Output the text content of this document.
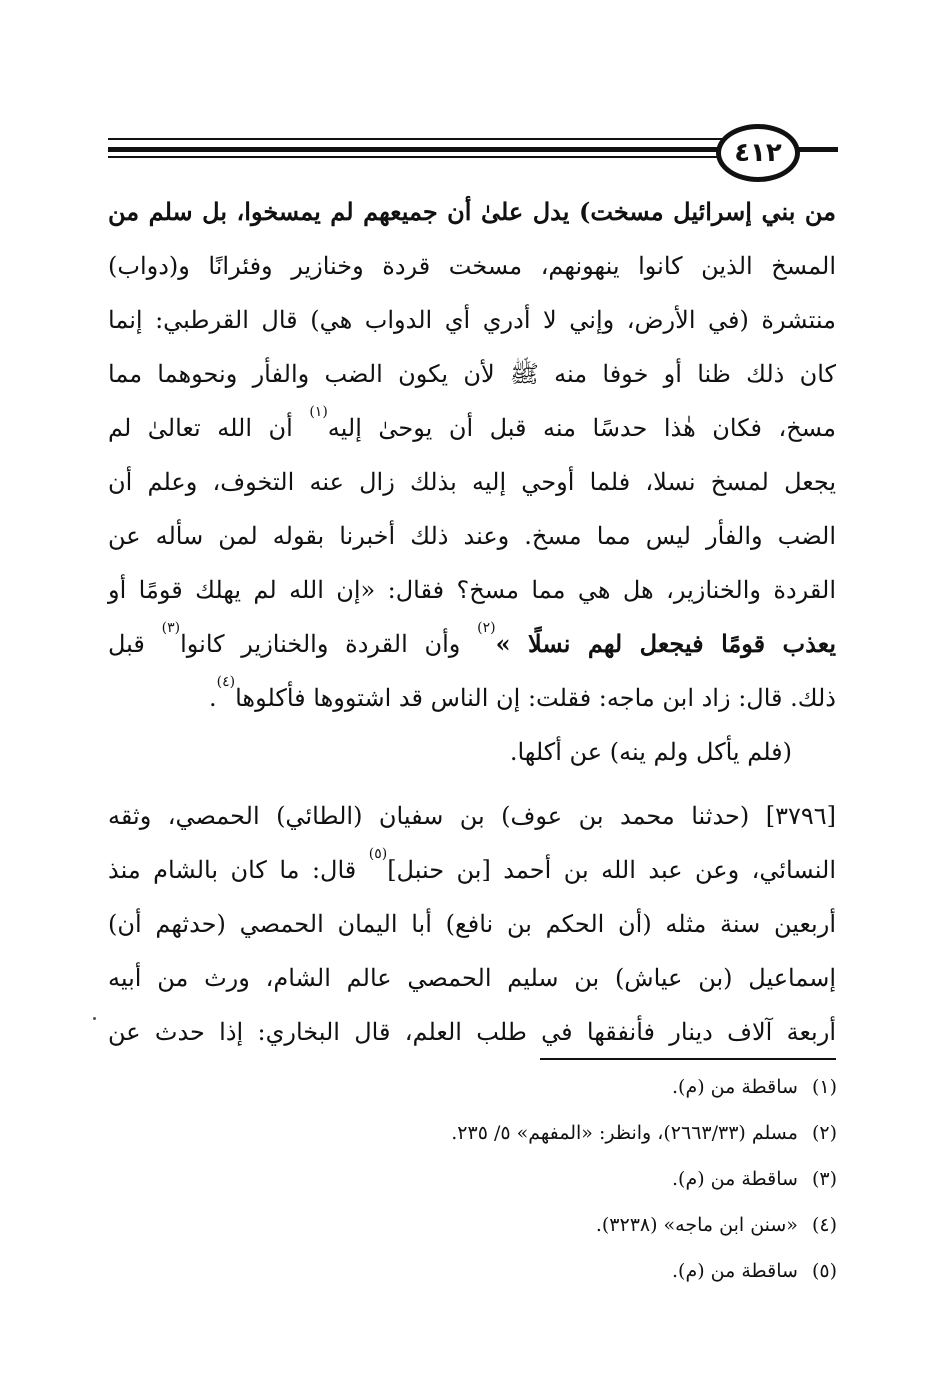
٤١٢
من بني إسرائيل مسخت) يدل علىٰ أن جميعهم لم يمسخوا، بل سلم من
المسخ الذين كانوا ينهونهم، مسخت قردة وخنازير وفئرانًا و(دواب)
منتشرة (في الأرض، وإني لا أدري أي الدواب هي) قال القرطبي: إنما
كان ذلك ظنا أو خوفا منه ﷺ لأن يكون الضب والفأر ونحوهما مما
مسخ، فكان هٰذا حدسًا منه قبل أن يوحىٰ إليه$^{(١)}$ أن الله تعالىٰ لم
يجعل لمسخ نسلا، فلما أوحي إليه بذلك زال عنه التخوف، وعلم أن
الضب والفأر ليس مما مسخ. وعند ذلك أخبرنا بقوله لمن سأله عن
القردة والخنازير، هل هي مما مسخ؟ فقال: «إن الله لم يهلك قومًا أو
يعذب قومًا فيجعل لهم نسلًا »$^{(٢)}$ وأن القردة والخنازير كانوا$^{(٣)}$ قبل
ذلك. قال: زاد ابن ماجه: فقلت: إن الناس قد اشتووها فأكلوها$^{(٤)}$.
(فلم يأكل ولم ينه) عن أكلها.
[٣٧٩٦] (حدثنا محمد بن عوف) بن سفيان (الطائي) الحمصي، وثقه
النسائي، وعن عبد الله بن أحمد [بن حنبل]$^{(٥)}$ قال: ما كان بالشام منذ
أربعين سنة مثله (أن الحكم بن نافع) أبا اليمان الحمصي (حدثهم أن)
إسماعيل (بن عياش) بن سليم الحمصي عالم الشام، ورث من أبيه
أربعة آلاف دينار فأنفقها في طلب العلم، قال البخاري: إذا حدث عن
(١)ساقطة من (م).
(٢)مسلم (٢٦٦٣/٣٣)، وانظر: «المفهم» ٥/ ٢٣٥.
(٣)ساقطة من (م).
(٤)«سنن ابن ماجه» (٣٢٣٨).
(٥)ساقطة من (م).
